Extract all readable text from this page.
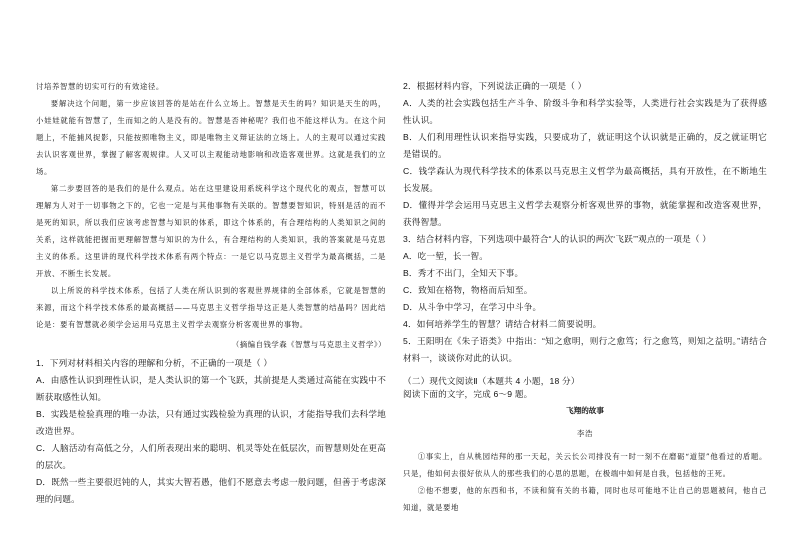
讨培养智慧的切实可行的有效途径。

要解决这个问题，第一步应该回答的是站在什么立场上。智慧是天生的吗？知识是天生的吗，小娃娃就能有智慧了，生而知之的人是没有的。智慧是否神秘呢？我们也不能这样认为。在这个问题上，不能捕风捉影，只能按照唯物主义，即是唯物主义辩证法的立场上。人的主观可以通过实践去认识客观世界，掌握了解客观规律。人又可以主观能动地影响和改造客观世界。这就是我们的立场。

第二步要回答的是我们的是什么观点。站在这里建设用系统科学这个现代化的观点，智慧可以理解为人对于一切事物之下的，它也一定是与其他事物有关联的。智慧要智知识，特别是活的而不是死的知识，所以我们应该考虑智慧与知识的体系，即这个体系的，有合理结构的人类知识之间的关系，这样就能把握而更理解智慧与知识的为什么，有合理结构的人类知识，我的答案就是马克思主义的体系。这里讲的现代科学技术体系有两个特点：一是它以马克思主义哲学为最高概括，二是开放、不断生长发展。

以上所说的科学技术体系，包括了人类在所认识到的客观世界规律的全部体系，它就是智慧的来源，而这个科学技术体系的最高概括——马克思主义哲学指导这正是人类智慧的结晶吗？因此结论是：要有智慧就必须学会运用马克思主义哲学去观察分析客观世界的事物。

（摘编自钱学森《智慧与马克思主义哲学》）

1．下列对材料相关内容的理解和分析，不正确的一项是（ ）

A．由感性认识到理性认识，是人类认识的第一个飞跃，其前提是人类通过高能在实践中不断获取感性认知。

B．实践是检验真理的唯一办法，只有通过实践检验为真理的认识，才能指导我们去科学地改造世界。

C．人脑活动有高低之分，人们所表现出来的聪明、机灵等处在低层次，而智慧则处在更高的层次。

D．既然一些主要很迟钝的人，其实大智若愚，他们不愿意去考虑一般问题，但善于考虑深理的问题。

2．根据材料内容，下列说法正确的一项是（ ）

A．人类的社会实践包括生产斗争、阶级斗争和科学实验等，人类进行社会实践是为了获得感性认识。

B．人们利用理性认识来指导实践，只要成功了，就证明这个认识就是正确的，反之就证明它是错误的。

C．钱学森认为现代科学技术的体系以马克思主义哲学为最高概括，具有开放性，在不断地生长发展。

D．懂得并学会运用马克思主义哲学去观察分析客观世界的事物，就能掌握和改造客观世界，获得智慧。

3．结合材料内容，下列选项中最符合“人的认识的两次‘飞跃’”观点的一项是（ ）

A．吃一堑，长一智。

B．秀才不出门，全知天下事。

C．致知在格物，物格而后知至。

D．从斗争中学习，在学习中斗争。

4．如何培养学生的智慧？请结合材料二简要说明。

5．王阳明在《朱子语类》中指出：“知之愈明，则行之愈笃；行之愈笃，则知之益明。”请结合材料一，谈谈你对此的认识。

（二）现代文阅读Ⅱ（本题共 4 小题，18 分）

阅读下面的文字，完成 6～9 题。

飞翔的故事

李浩

①事实上，自从桃园结拜的那一天起，关云长公司排没有一时一刻不在磨砺“道望”他看过的盾题。只是，他如何去很好依从人的那些我们的心思的思题，在极端中如何是自我，包括他的王死。

②他不想要，他的东西和书，不读和简有关的书籍，同时也尽可能地不让自己的思题被问，他自己知道，就是要地
